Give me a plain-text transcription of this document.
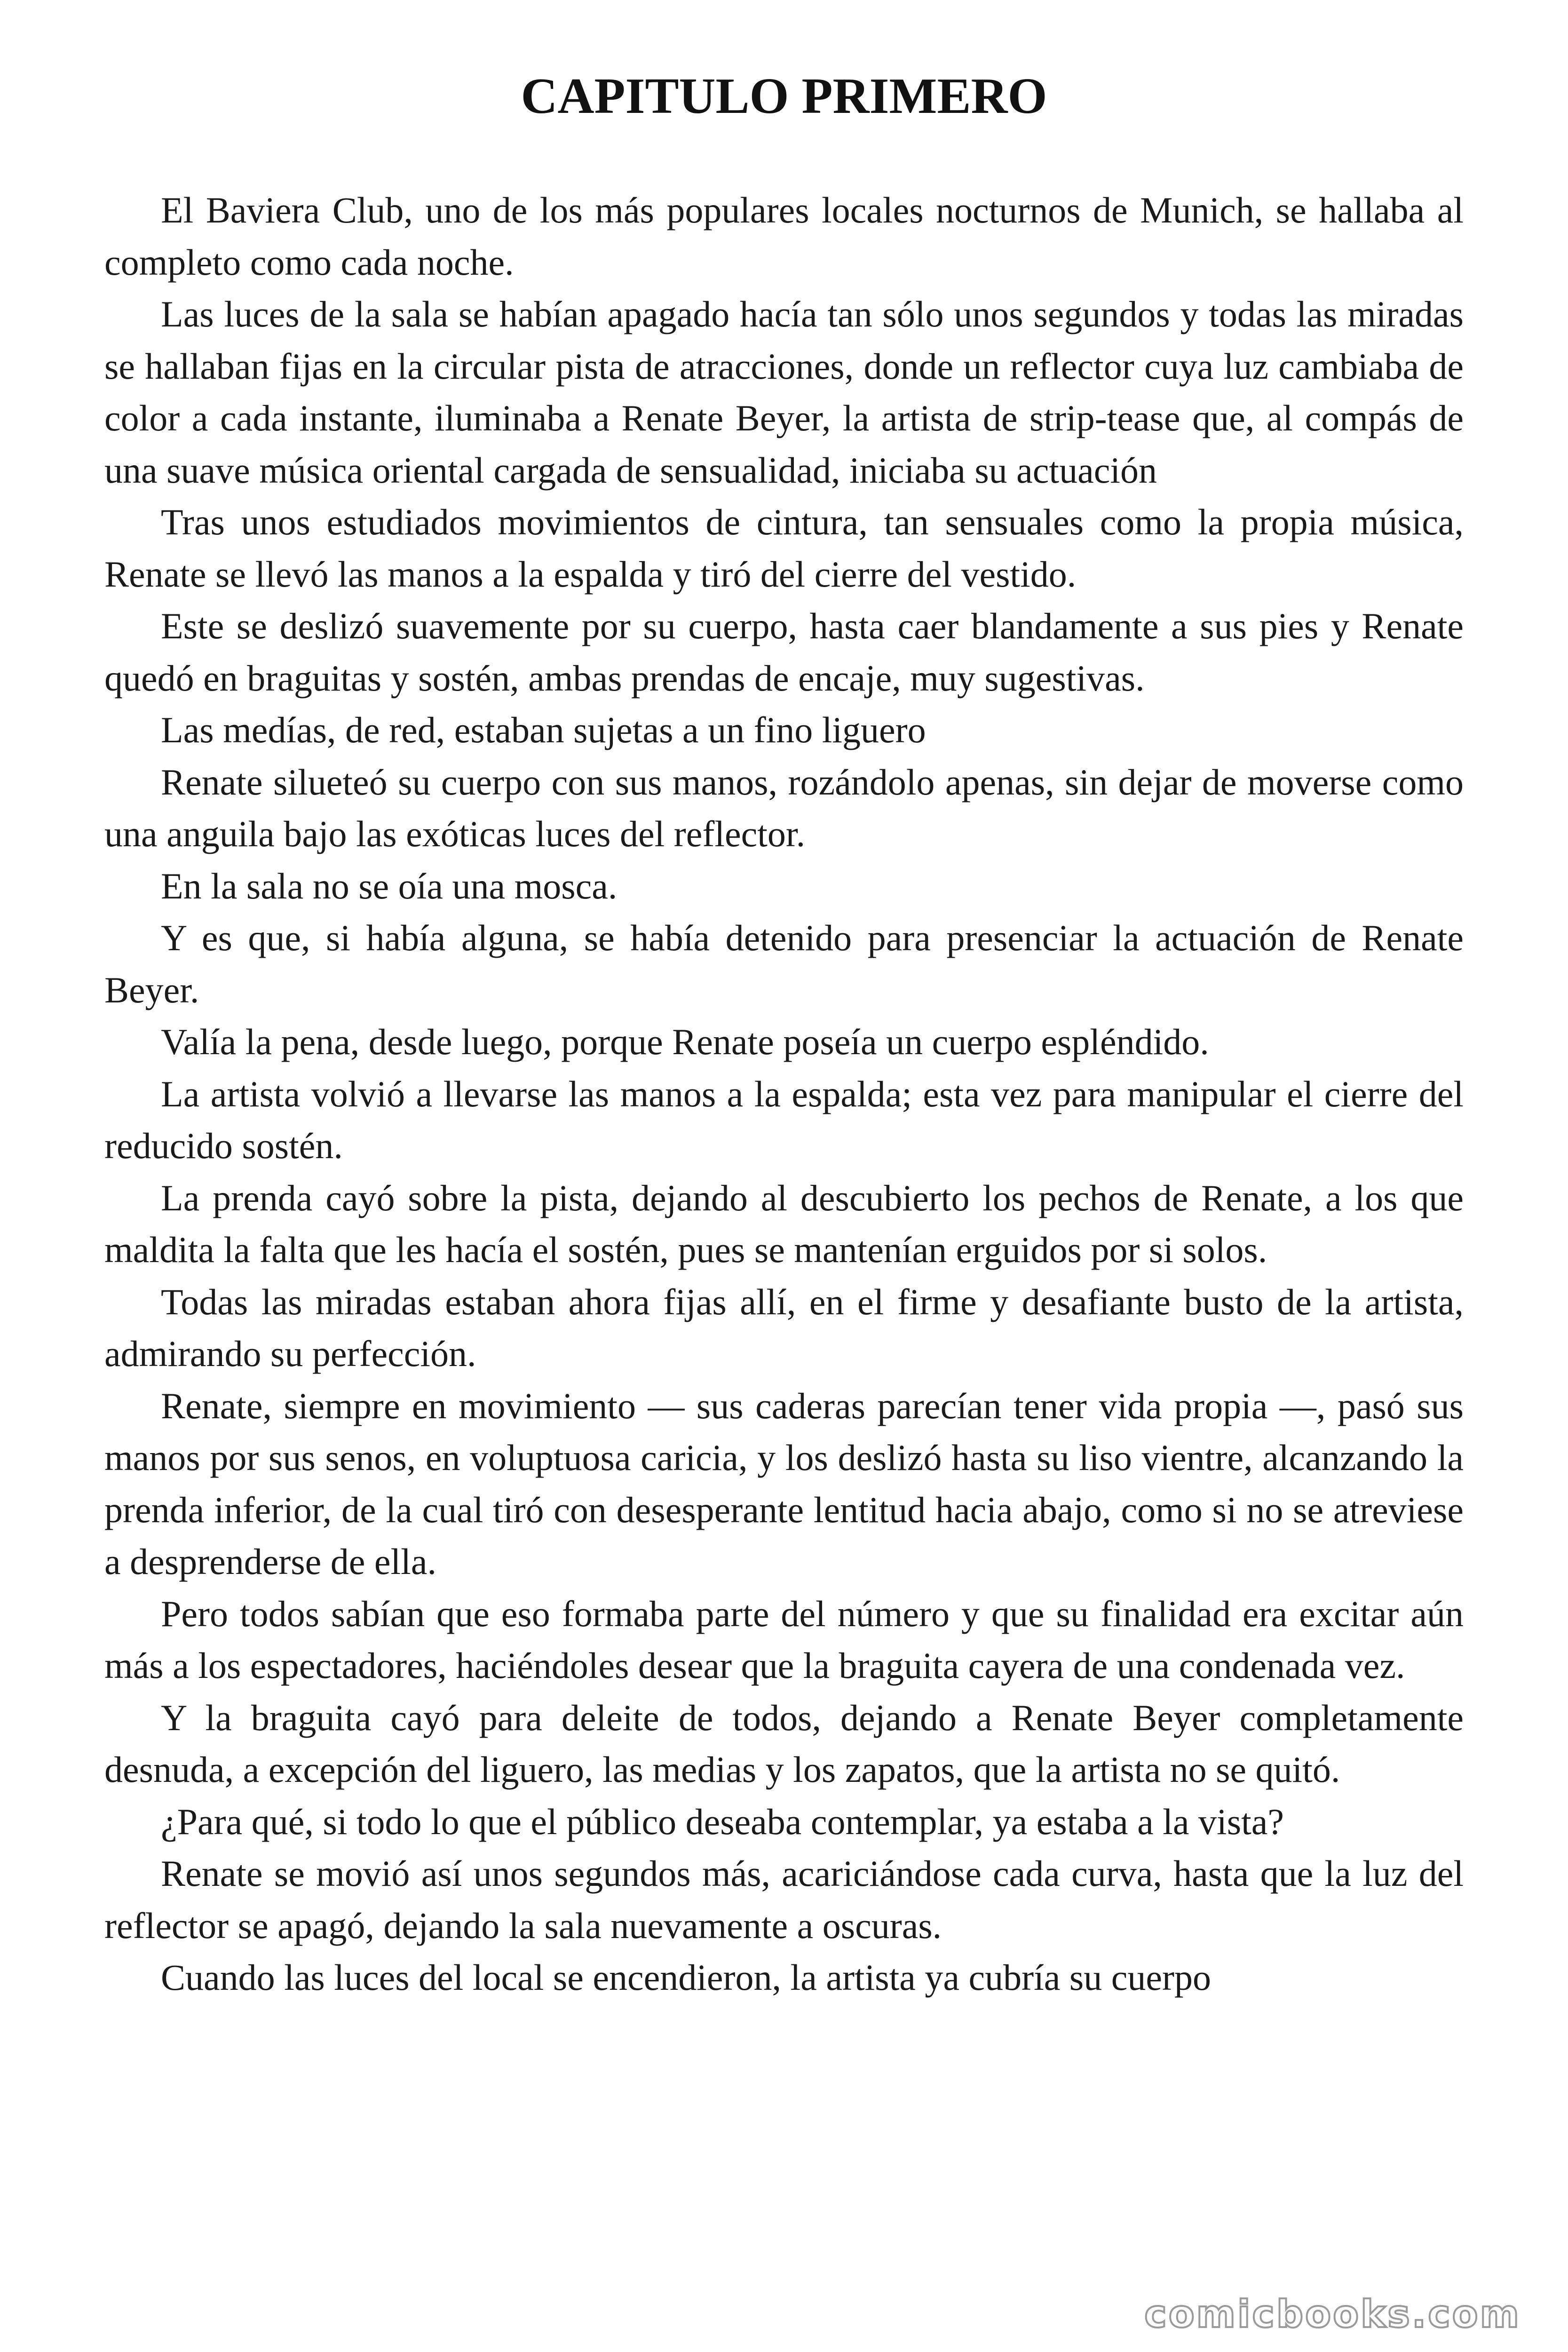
CAPITULO PRIMERO

El Baviera Club, uno de los más populares locales nocturnos de Munich, se hallaba al completo como cada noche.

Las luces de la sala se habían apagado hacía tan sólo unos segundos y todas las miradas se hallaban fijas en la circular pista de atracciones, donde un reflector cuya luz cambiaba de color a cada instante, iluminaba a Renate Beyer, la artista de strip-tease que, al compás de una suave música oriental cargada de sensualidad, iniciaba su actuación

Tras unos estudiados movimientos de cintura, tan sensuales como la propia música, Renate se llevó las manos a la espalda y tiró del cierre del vestido.

Este se deslizó suavemente por su cuerpo, hasta caer blandamente a sus pies y Renate quedó en braguitas y sostén, ambas prendas de encaje, muy sugestivas.

Las medías, de red, estaban sujetas a un fino liguero

Renate silueteó su cuerpo con sus manos, rozándolo apenas, sin dejar de moverse como una anguila bajo las exóticas luces del reflector.

En la sala no se oía una mosca.

Y es que, si había alguna, se había detenido para presenciar la actuación de Renate Beyer.

Valía la pena, desde luego, porque Renate poseía un cuerpo espléndido.

La artista volvió a llevarse las manos a la espalda; esta vez para manipular el cierre del reducido sostén.

La prenda cayó sobre la pista, dejando al descubierto los pechos de Renate, a los que maldita la falta que les hacía el sostén, pues se mantenían erguidos por si solos.

Todas las miradas estaban ahora fijas allí, en el firme y desafiante busto de la artista, admirando su perfección.

Renate, siempre en movimiento — sus caderas parecían tener vida propia —, pasó sus manos por sus senos, en voluptuosa caricia, y los deslizó hasta su liso vientre, alcanzando la prenda inferior, de la cual tiró con desesperante lentitud hacia abajo, como si no se atreviese a desprenderse de ella.

Pero todos sabían que eso formaba parte del número y que su finalidad era excitar aún más a los espectadores, haciéndoles desear que la braguita cayera de una condenada vez.

Y la braguita cayó para deleite de todos, dejando a Renate Beyer completamente desnuda, a excepción del liguero, las medias y los zapatos, que la artista no se quitó.

¿Para qué, si todo lo que el público deseaba contemplar, ya estaba a la vista?

Renate se movió así unos segundos más, acariciándose cada curva, hasta que la luz del reflector se apagó, dejando la sala nuevamente a oscuras.

Cuando las luces del local se encendieron, la artista ya cubría su cuerpo

comicbooks.com
